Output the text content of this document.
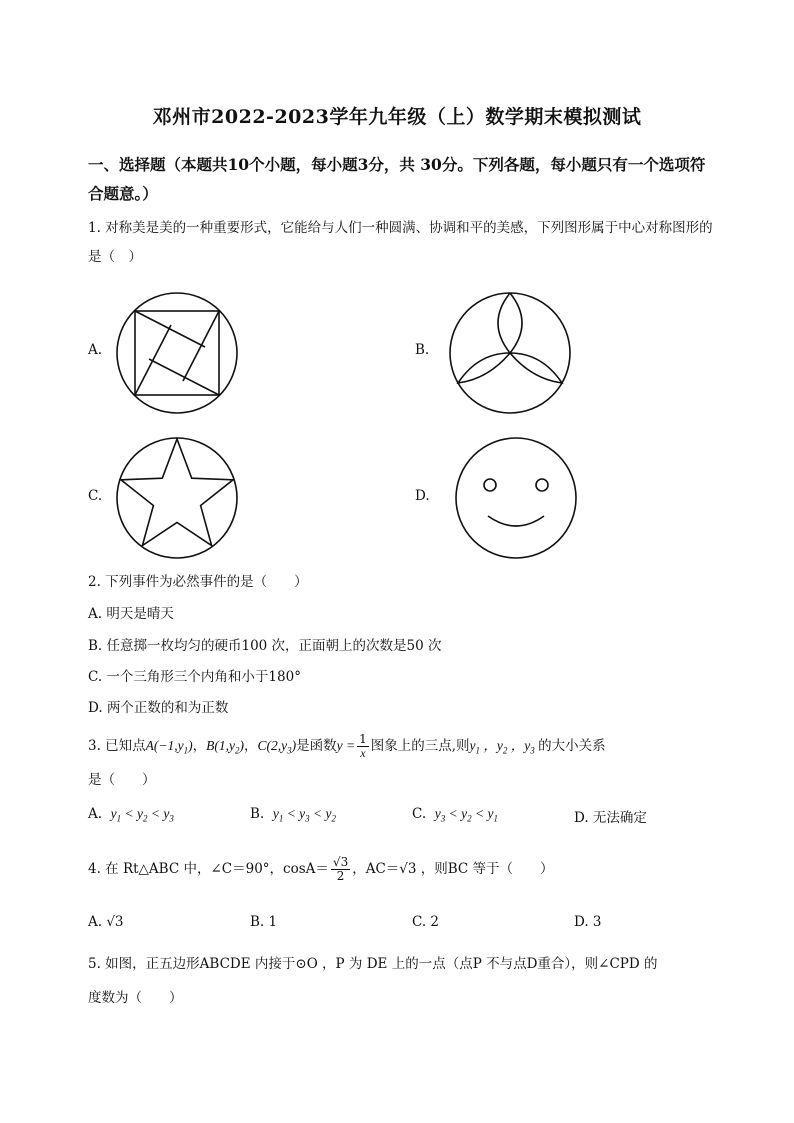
邓州市2022-2023学年九年级（上）数学期末模拟测试
一、选择题（本题共10个小题，每小题3分，共 30分。下列各题，每小题只有一个选项符合题意。）
1. 对称美是美的一种重要形式，它能给与人们一种圆满、协调和平的美感，下列图形属于中心对称图形的是（　）
A.	B.
C.	D.
2. 下列事件为必然事件的是（　　）
A. 明天是晴天
B. 任意掷一枚均匀的硬币100 次，正面朝上的次数是50 次
C. 一个三角形三个内角和小于180°
D. 两个正数的和为正数
3. 已知点$A(-1,y_1)$，$B(1,y_2)$，$C(2,y_3)$是函数$y = \frac{1}{x}$ 图象上的三点,则$y_1$ ，$y_2$ ，$y_3$ 的大小关系
是（　　）
A. $y_1 < y_2 < y_3$	B. $y_1 < y_3 < y_2$	C. $y_3 < y_2 < y_1$	D. 无法确定
4. 在 Rt△ABC 中，∠C＝90°，$\cos A= \frac{√3}{2}$ ，AC＝√3 ，则BC 等于（　　）
A. √3	B. 1	C. 2	D. 3
5. 如图，正五边形ABCDE 内接于⊙O ，P 为 DE 上的一点（点P 不与点D重合），则∠CPD 的
度数为（　　）
